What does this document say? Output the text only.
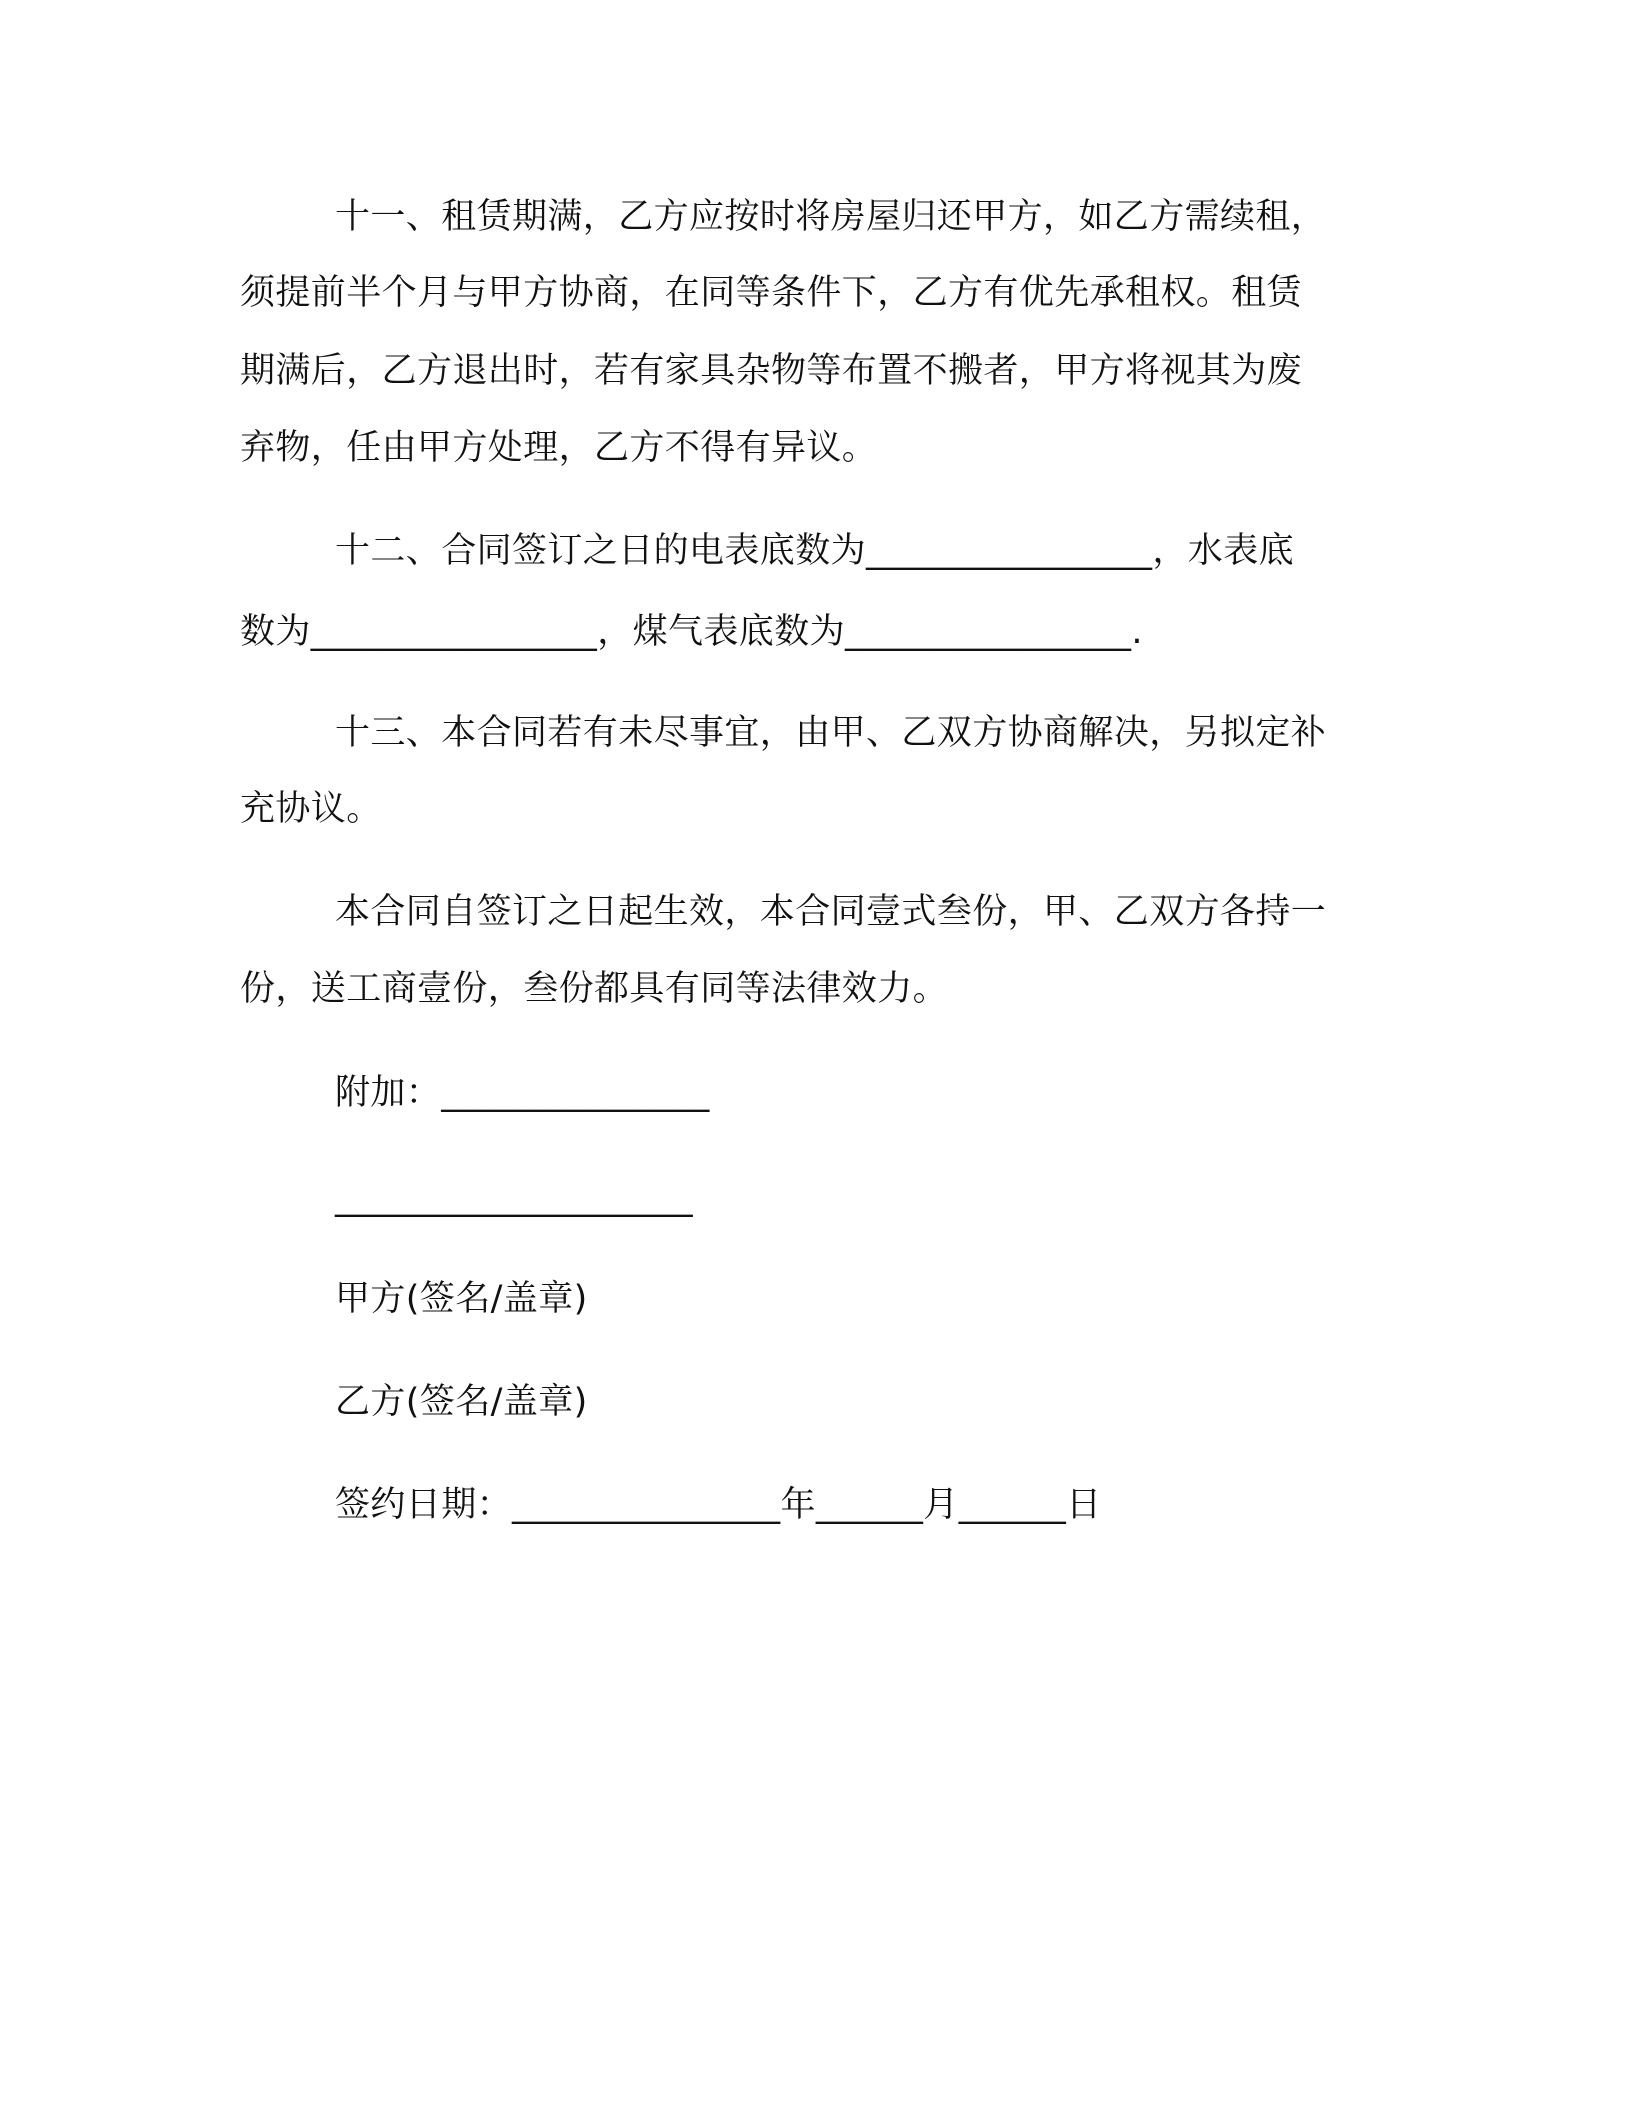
十一、租赁期满，乙方应按时将房屋归还甲方，如乙方需续租，
须提前半个月与甲方协商，在同等条件下，乙方有优先承租权。租赁
期满后，乙方退出时，若有家具杂物等布置不搬者，甲方将视其为废
弃物，任由甲方处理，乙方不得有异议。
十二、合同签订之日的电表底数为________________，水表底
数为________________，煤气表底数为________________.
十三、本合同若有未尽事宜，由甲、乙双方协商解决，另拟定补
充协议。
本合同自签订之日起生效，本合同壹式叁份，甲、乙双方各持一
份，送工商壹份，叁份都具有同等法律效力。
附加：_______________
____________________
甲方(签名/盖章)
乙方(签名/盖章)
签约日期：_______________年______月______日
